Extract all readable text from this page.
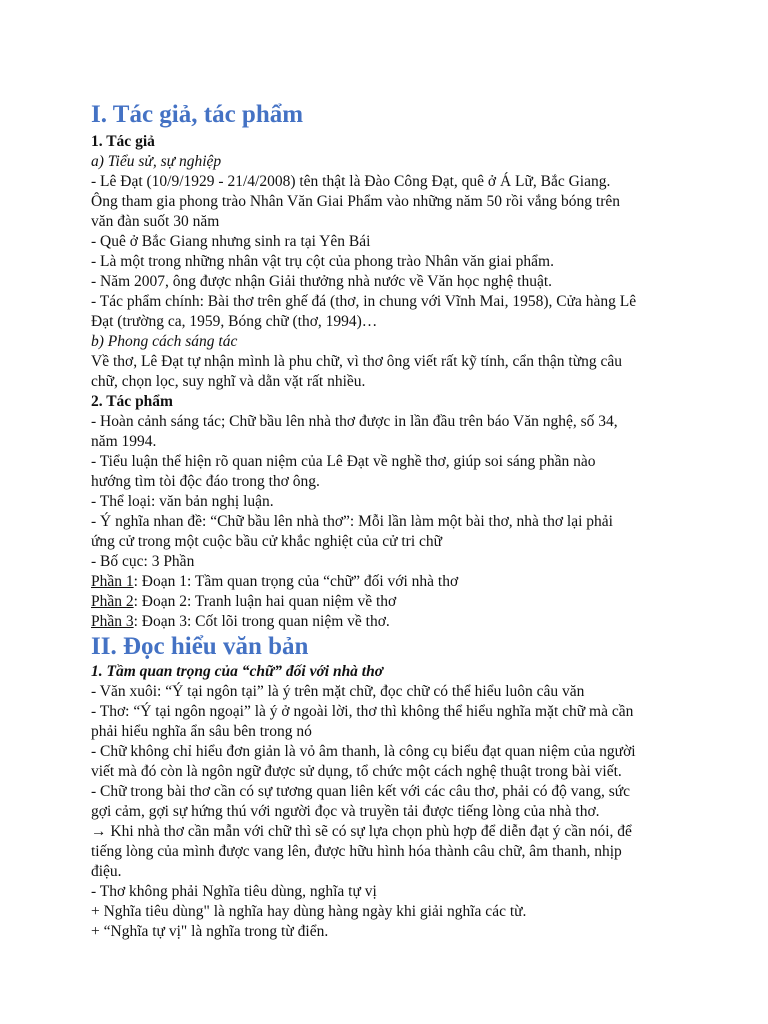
I. Tác giả, tác phẩm

1. Tác giả

a) Tiểu sử, sự nghiệp

- Lê Đạt (10/9/1929 - 21/4/2008) tên thật là Đào Công Đạt, quê ở Á Lữ, Bắc Giang.

Ông tham gia phong trào Nhân Văn Giai Phẩm vào những năm 50 rồi vắng bóng trên

văn đàn suốt 30 năm

- Quê ở Bắc Giang nhưng sinh ra tại Yên Bái

- Là một trong những nhân vật trụ cột của phong trào Nhân văn giai phẩm.

- Năm 2007, ông được nhận Giải thưởng nhà nước về Văn học nghệ thuật.

- Tác phẩm chính: Bài thơ trên ghế đá (thơ, in chung với Vĩnh Mai, 1958), Cửa hàng Lê

Đạt (trường ca, 1959, Bóng chữ (thơ, 1994)…

b) Phong cách sáng tác

Về thơ, Lê Đạt tự nhận mình là phu chữ, vì thơ ông viết rất kỹ tính, cẩn thận từng câu

chữ, chọn lọc, suy nghĩ và dằn vặt rất nhiều.

2. Tác phẩm

- Hoàn cảnh sáng tác; Chữ bầu lên nhà thơ được in lần đầu trên báo Văn nghệ, số 34,

năm 1994.

- Tiểu luận thể hiện rõ quan niệm của Lê Đạt về nghề thơ, giúp soi sáng phần nào

hướng tìm tòi độc đáo trong thơ ông.

- Thể loại: văn bản nghị luận.

- Ý nghĩa nhan đề: “Chữ bầu lên nhà thơ”: Mỗi lần làm một bài thơ, nhà thơ lại phải

ứng cử trong một cuộc bầu cử khắc nghiệt của cử tri chữ

- Bố cục: 3 Phần

Phần 1: Đoạn 1: Tầm quan trọng của “chữ” đối với nhà thơ

Phần 2: Đoạn 2: Tranh luận hai quan niệm về thơ

Phần 3: Đoạn 3: Cốt lõi trong quan niệm về thơ.

II. Đọc hiểu văn bản

1. Tầm quan trọng của “chữ” đối với nhà thơ

- Văn xuôi: “Ý tại ngôn tại” là ý trên mặt chữ, đọc chữ có thể hiểu luôn câu văn

- Thơ: “Ý tại ngôn ngoại” là ý ở ngoài lời, thơ thì không thể hiểu nghĩa mặt chữ mà cần

phải hiểu nghĩa ẩn sâu bên trong nó

- Chữ không chỉ hiểu đơn giản là vỏ âm thanh, là công cụ biểu đạt quan niệm của người

viết mà đó còn là ngôn ngữ được sử dụng, tổ chức một cách nghệ thuật trong bài viết.

- Chữ trong bài thơ cần có sự tương quan liên kết với các câu thơ, phải có độ vang, sức

gợi cảm, gợi sự hứng thú với người đọc và truyền tải được tiếng lòng của nhà thơ.

→ Khi nhà thơ cần mẫn với chữ thì sẽ có sự lựa chọn phù hợp để diễn đạt ý cần nói, để

tiếng lòng của mình được vang lên, được hữu hình hóa thành câu chữ, âm thanh, nhịp

điệu.

- Thơ không phải Nghĩa tiêu dùng, nghĩa tự vị

+ Nghĩa tiêu dùng" là nghĩa hay dùng hàng ngày khi giải nghĩa các từ.

+ “Nghĩa tự vị" là nghĩa trong từ điển.
